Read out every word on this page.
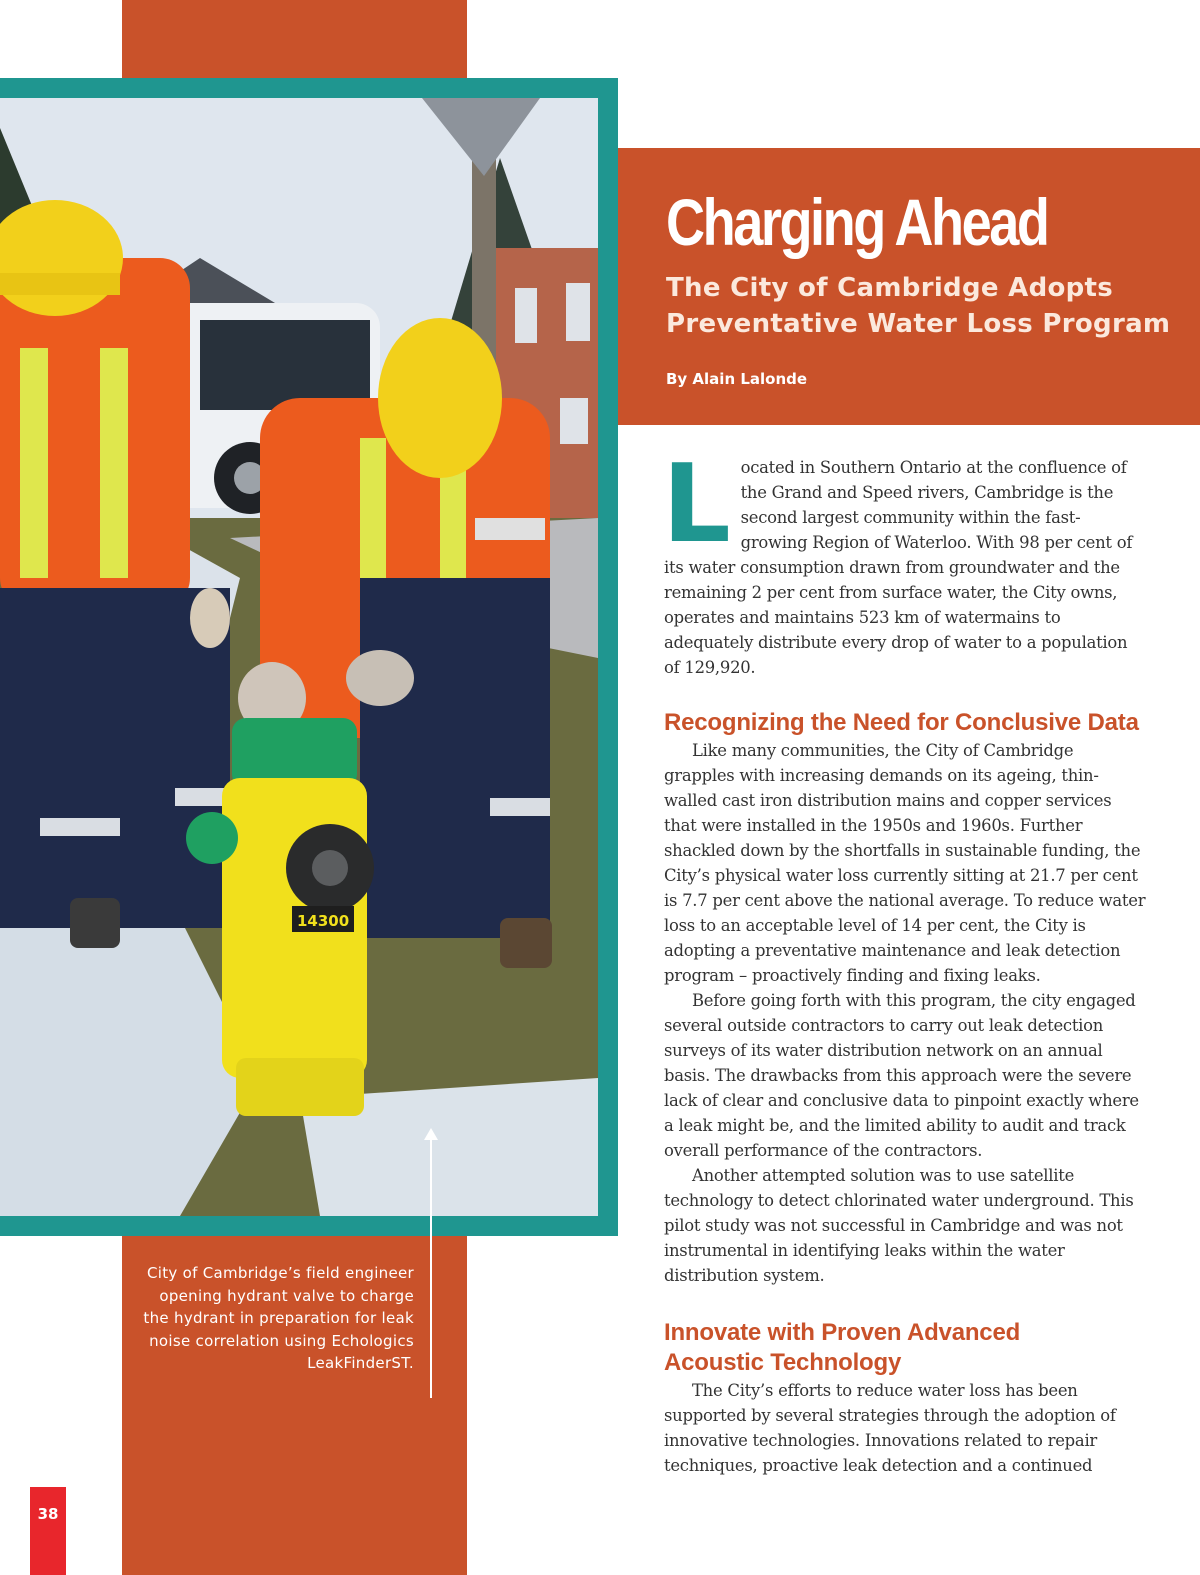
14300
Charging Ahead

The City of Cambridge Adopts Preventative Water Loss Program

By Alain Lalonde

Located in Southern Ontario at the confluence of the Grand and Speed rivers, Cambridge is the second largest community within the fast-growing Region of Waterloo. With 98 per cent of its water consumption drawn from groundwater and the remaining 2 per cent from surface water, the City owns, operates and maintains 523 km of watermains to adequately distribute every drop of water to a population of 129,920.

Recognizing the Need for Conclusive Data

Like many communities, the City of Cambridge grapples with increasing demands on its ageing, thin-walled cast iron distribution mains and copper services that were installed in the 1950s and 1960s. Further shackled down by the shortfalls in sustainable funding, the City’s physical water loss currently sitting at 21.7 per cent is 7.7 per cent above the national average. To reduce water loss to an acceptable level of 14 per cent, the City is adopting a preventative maintenance and leak detection program – proactively finding and fixing leaks.

Before going forth with this program, the city engaged several outside contractors to carry out leak detection surveys of its water distribution network on an annual basis. The drawbacks from this approach were the severe lack of clear and conclusive data to pinpoint exactly where a leak might be, and the limited ability to audit and track overall performance of the contractors.

Another attempted solution was to use satellite technology to detect chlorinated water underground. This pilot study was not successful in Cambridge and was not instrumental in identifying leaks within the water distribution system.

Innovate with Proven Advanced Acoustic Technology

The City’s efforts to reduce water loss has been supported by several strategies through the adoption of innovative technologies. Innovations related to repair techniques, proactive leak detection and a continued

City of Cambridge’s field engineer opening hydrant valve to charge the hydrant in preparation for leak noise correlation using Echologics LeakFinderST.
38
